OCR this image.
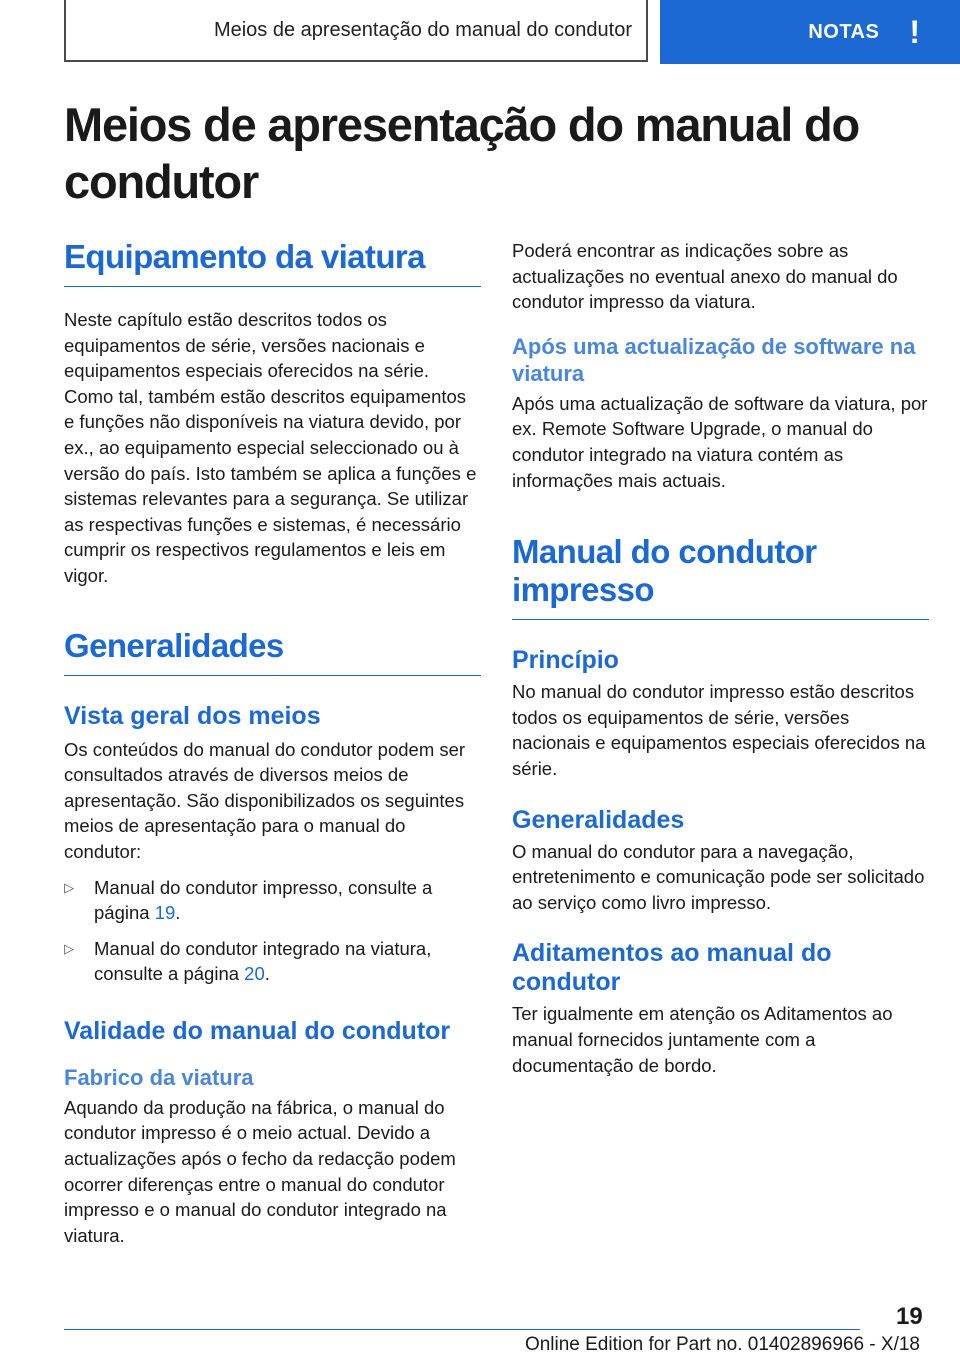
Meios de apresentação do manual do condutor	NOTAS !
Meios de apresentação do manual do condutor
Equipamento da viatura

Neste capítulo estão descritos todos os equipamentos de série, versões nacionais e equipamentos especiais oferecidos na série. Como tal, também estão descritos equipamentos e funções não disponíveis na viatura devido, por ex., ao equipamento especial seleccionado ou à versão do país. Isto também se aplica a funções e sistemas relevantes para a segurança. Se utilizar as respectivas funções e sistemas, é necessário cumprir os respectivos regulamentos e leis em vigor.

Generalidades
Vista geral dos meios

Os conteúdos do manual do condutor podem ser consultados através de diversos meios de apresentação. São disponibilizados os seguintes meios de apresentação para o manual do condutor:

▷ Manual do condutor impresso, consulte a página 19.
▷ Manual do condutor integrado na viatura, consulte a página 20.
Validade do manual do condutor
Fabrico da viatura

Aquando da produção na fábrica, o manual do condutor impresso é o meio actual. Devido a actualizações após o fecho da redacção podem ocorrer diferenças entre o manual do condutor impresso e o manual do condutor integrado na viatura.

Poderá encontrar as indicações sobre as actualizações no eventual anexo do manual do condutor impresso da viatura.

Após uma actualização de software na viatura

Após uma actualização de software da viatura, por ex. Remote Software Upgrade, o manual do condutor integrado na viatura contém as informações mais actuais.

Manual do condutor impresso
Princípio

No manual do condutor impresso estão descritos todos os equipamentos de série, versões nacionais e equipamentos especiais oferecidos na série.

Generalidades

O manual do condutor para a navegação, entretenimento e comunicação pode ser solicitado ao serviço como livro impresso.

Aditamentos ao manual do condutor

Ter igualmente em atenção os Aditamentos ao manual fornecidos juntamente com a documentação de bordo.

19
Online Edition for Part no. 01402896966 - X/18
